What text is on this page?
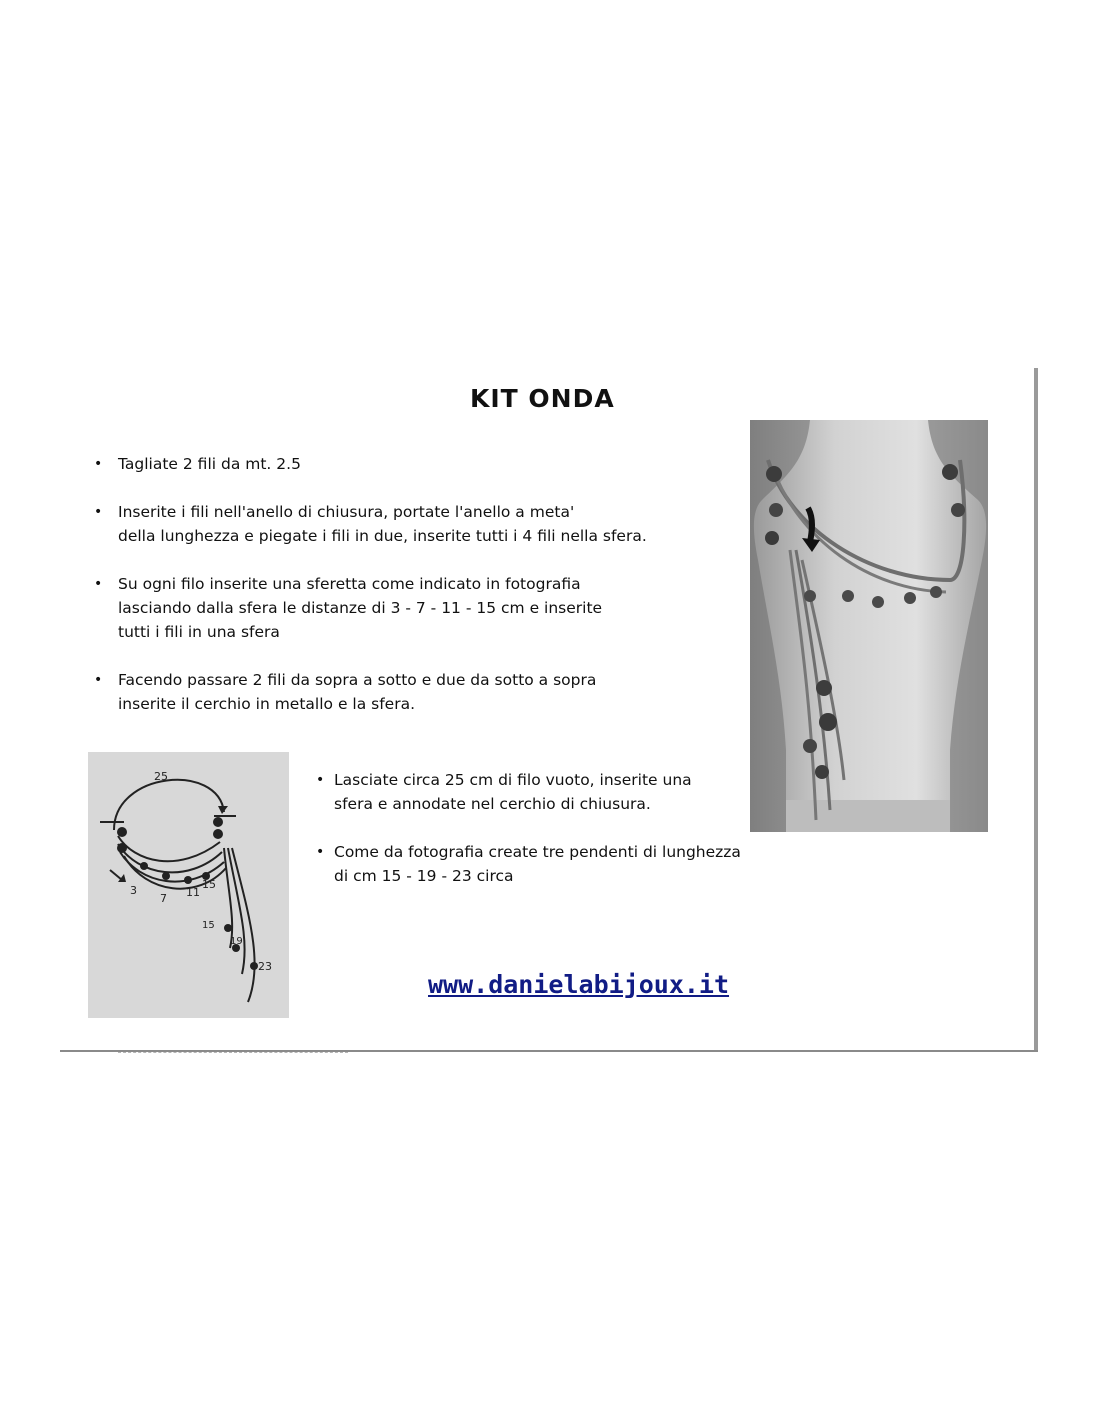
KIT ONDA
• Tagliate 2 fili da mt. 2.5
• Inserite i fili nell'anello di chiusura, portate l'anello a meta'
della lunghezza e piegate i fili in due, inserite tutti i 4 fili nella sfera.
• Su ogni filo inserite una sferetta come indicato in fotografia
lasciando dalla sfera le distanze di 3 - 7 - 11 - 15 cm e inserite
tutti i fili in una sfera
• Facendo passare 2 fili da sopra a sotto e due da sotto a sopra
inserite il cerchio in metallo e la sfera.
25
3
7 11
15
15
19
23
• Lasciate circa 25 cm di filo vuoto, inserite una
sfera e annodate nel cerchio di chiusura.
• Come da fotografia create tre pendenti di lunghezza
di cm 15 - 19 - 23 circa
www.danielabijoux.it
